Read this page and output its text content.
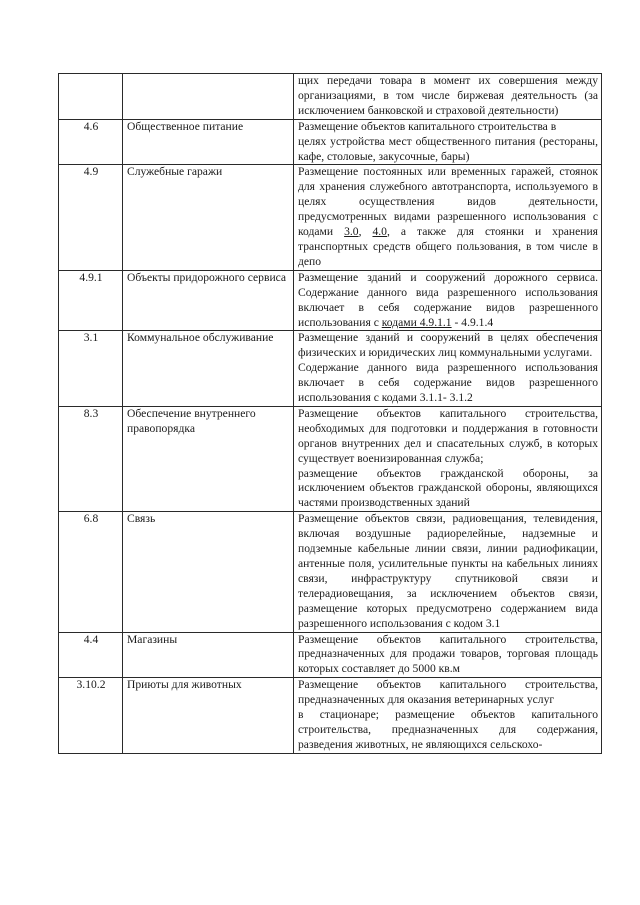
		щих передачи товара в момент их совершения между организациями, в том числе биржевая деятельность (за исключением банковской и страховой деятельности)

4.6	Общественное питание	Размещение объектов капитального строительства в
целях устройства мест общественного питания (рестораны, кафе, столовые, закусочные, бары)

4.9	Служебные гаражи	Размещение постоянных или временных гаражей, стоянок для хранения служебного автотранспорта, используемого в целях осуществления видов деятельности, предусмотренных видами разрешенного использования с кодами 3.0, 4.0, а также для стоянки и хранения транспортных средств общего пользования, в том числе в депо

4.9.1	Объекты придорожного сервиса	Размещение зданий и сооружений дорожного сервиса. Содержание данного вида разрешенного использования включает в себя содержание видов разрешенного использования с кодами 4.9.1.1 - 4.9.1.4

3.1	Коммунальное обслуживание	Размещение зданий и сооружений в целях обеспечения физических и юридических лиц коммунальными услугами.
Содержание данного вида разрешенного использования включает в себя содержание видов разрешенного использования с кодами 3.1.1- 3.1.2

8.3	Обеспечение внутреннего правопорядка	Размещение объектов капитального строительства, необходимых для подготовки и поддержания в готовности органов внутренних дел и спасательных служб, в которых существует военизированная служба;
размещение объектов гражданской обороны, за исключением объектов гражданской обороны, являющихся частями производственных зданий

6.8	Связь	Размещение объектов связи, радиовещания, телевидения, включая воздушные радиорелейные, надземные и подземные кабельные линии связи, линии радиофикации, антенные поля, усилительные пункты на кабельных линиях связи, инфраструктуру спутниковой связи и телерадиовещания, за исключением объектов связи, размещение которых предусмотрено содержанием вида разрешенного использования с кодом 3.1

4.4	Магазины	Размещение объектов капитального строительства, предназначенных для продажи товаров, торговая площадь которых составляет до 5000 кв.м

3.10.2	Приюты для животных	Размещение объектов капитального строительства, предназначенных для оказания ветеринарных услуг
в стационаре; размещение объектов капитального строительства, предназначенных для содержания, разведения животных, не являющихся сельскохо-
